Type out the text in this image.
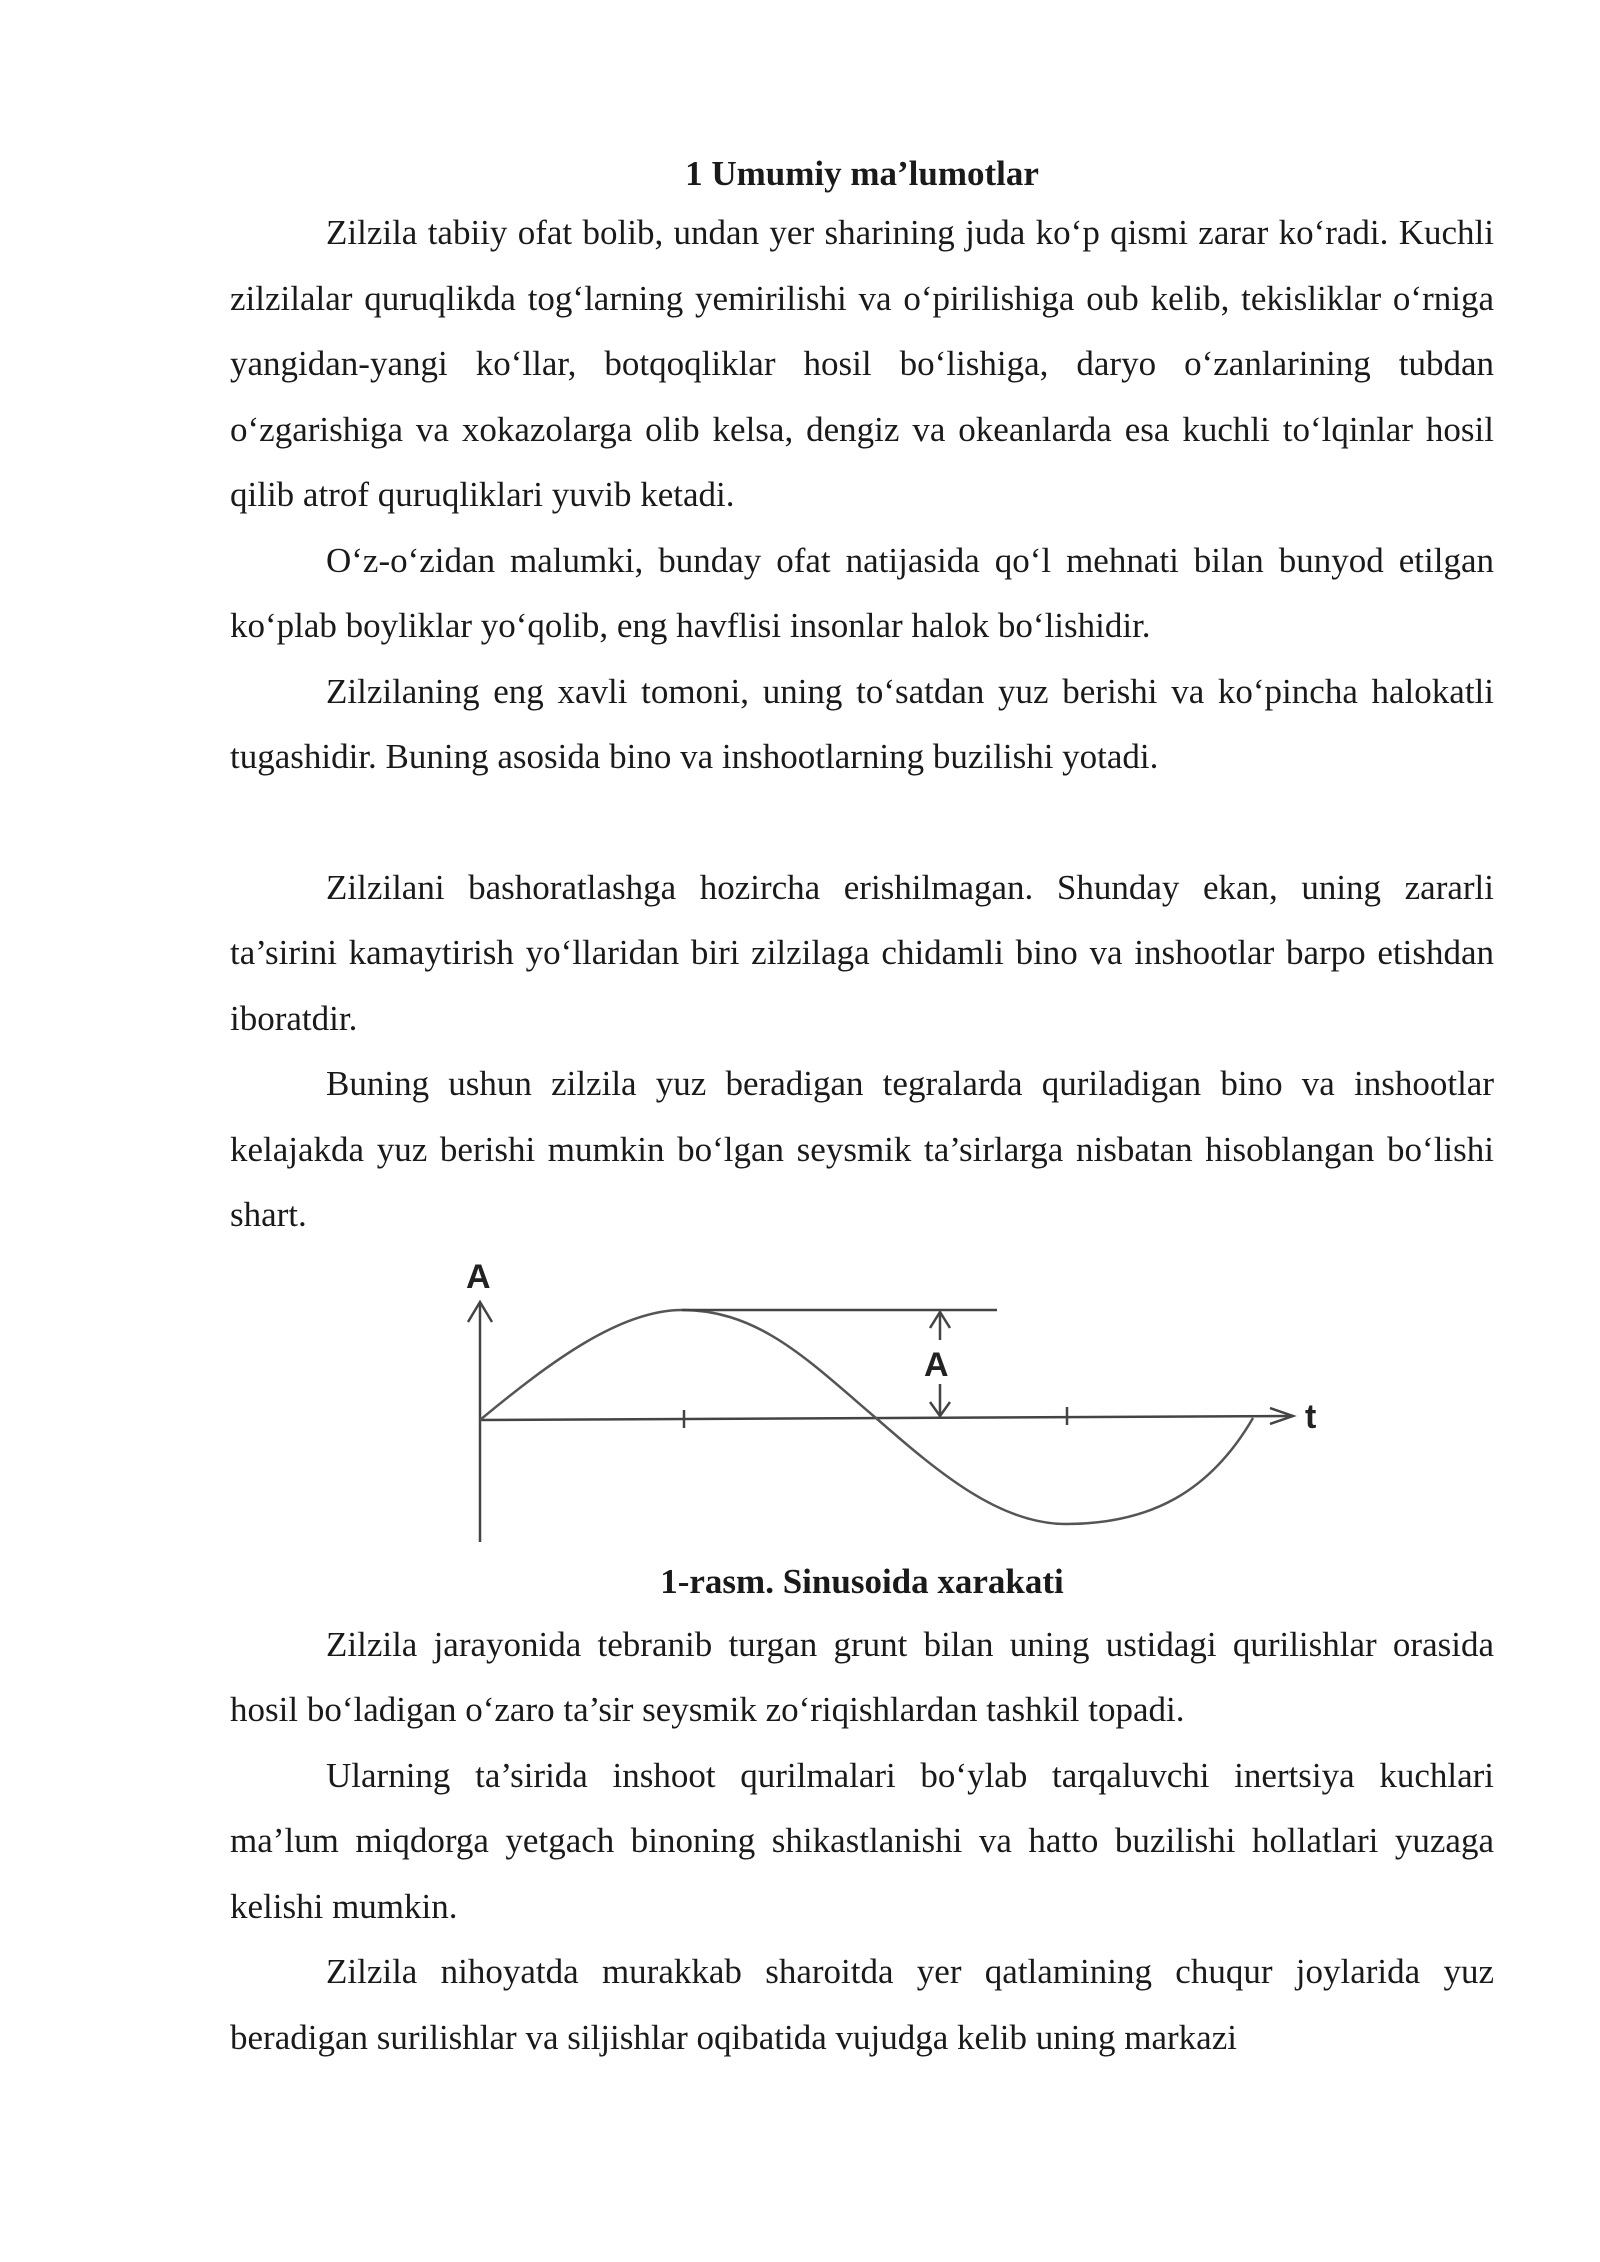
1 Umumiy ma’lumotlar

Zilzila tabiiy ofat bolib, undan yer sharining juda ko‘p qismi zarar ko‘radi. Kuchli zilzilalar quruqlikda tog‘larning yemirilishi va o‘pirilishiga oub kelib, tekisliklar o‘rniga yangidan-yangi ko‘llar, botqoqliklar hosil bo‘lishiga, daryo o‘zanlarining tubdan o‘zgarishiga va xokazolarga olib kelsa, dengiz va okeanlarda esa kuchli to‘lqinlar hosil qilib atrof quruqliklari yuvib ketadi.

O‘z-o‘zidan malumki, bunday ofat natijasida qo‘l mehnati bilan bunyod etilgan ko‘plab boyliklar yo‘qolib, eng havflisi insonlar halok bo‘lishidir.

Zilzilaning eng xavli tomoni, uning to‘satdan yuz berishi va ko‘pincha halokatli tugashidir. Buning asosida bino va inshootlarning buzilishi yotadi.

Zilzilani bashoratlashga hozircha erishilmagan. Shunday ekan, uning zararli ta’sirini kamaytirish yo‘llaridan biri zilzilaga chidamli bino va inshootlar barpo etishdan iboratdir.

Buning ushun zilzila yuz beradigan tegralarda quriladigan bino va inshootlar kelajakda yuz berishi mumkin bo‘lgan seysmik ta’sirlarga nisbatan hisoblangan bo‘lishi shart.

A
t
A

1-rasm. Sinusoida xarakati

Zilzila jarayonida tebranib turgan grunt bilan uning ustidagi qurilishlar orasida hosil bo‘ladigan o‘zaro ta’sir seysmik zo‘riqishlardan tashkil topadi.

Ularning ta’sirida inshoot qurilmalari bo‘ylab tarqaluvchi inertsiya kuchlari ma’lum miqdorga yetgach binoning shikastlanishi va hatto buzilishi hollatlari yuzaga kelishi mumkin.

Zilzila nihoyatda murakkab sharoitda yer qatlamining chuqur joylarida yuz beradigan surilishlar va siljishlar oqibatida vujudga kelib uning markazi
